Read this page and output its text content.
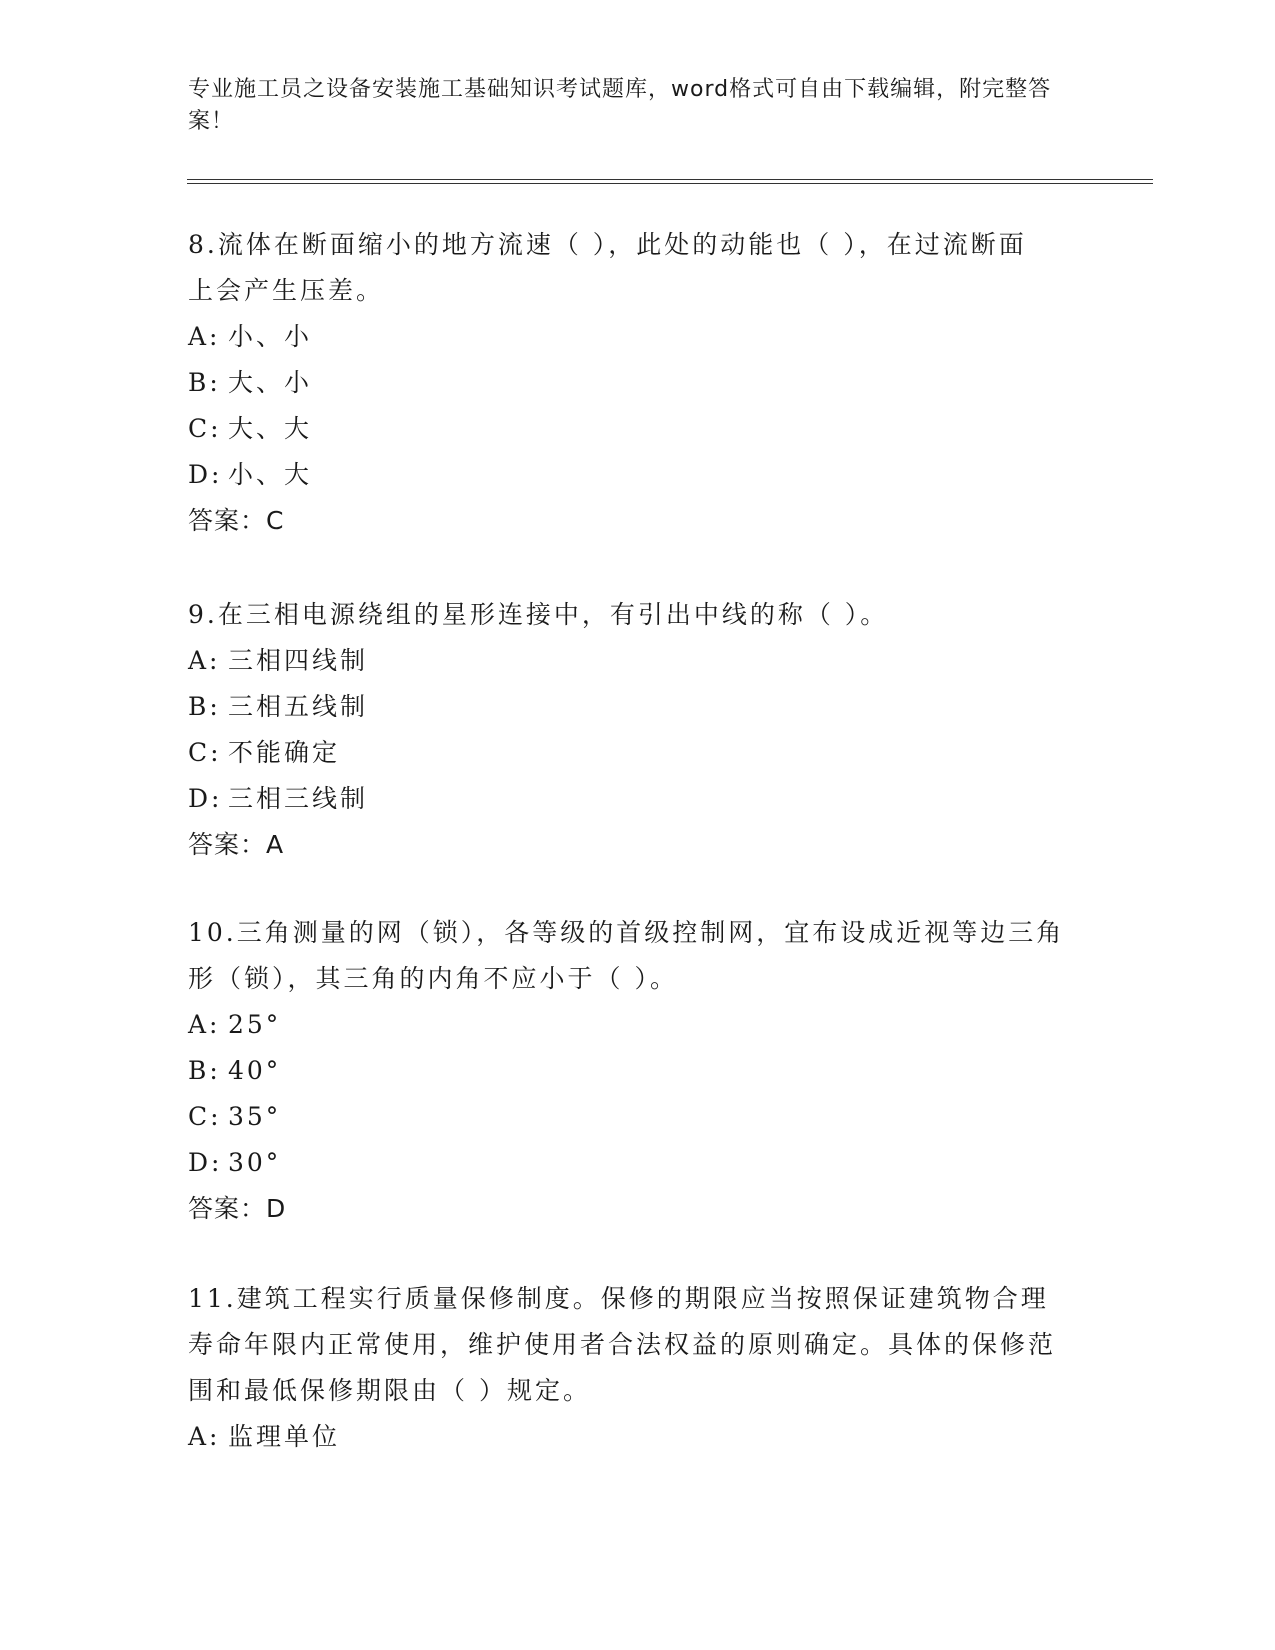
专业施工员之设备安装施工基础知识考试题库，word格式可自由下载编辑，附完整答案！

8.流体在断面缩小的地方流速（ ），此处的动能也（ ），在过流断面上会产生压差。

A: 小、小

B: 大、小

C: 大、大

D: 小、大

答案：C

9.在三相电源绕组的星形连接中，有引出中线的称（ ）。

A: 三相四线制

B: 三相五线制

C: 不能确定

D: 三相三线制

答案：A

10.三角测量的网（锁），各等级的首级控制网，宜布设成近视等边三角形（锁），其三角的内角不应小于（ ）。

A: 25°

B: 40°

C: 35°

D: 30°

答案：D

11.建筑工程实行质量保修制度。保修的期限应当按照保证建筑物合理寿命年限内正常使用，维护使用者合法权益的原则确定。具体的保修范围和最低保修期限由（ ）规定。

A: 监理单位
